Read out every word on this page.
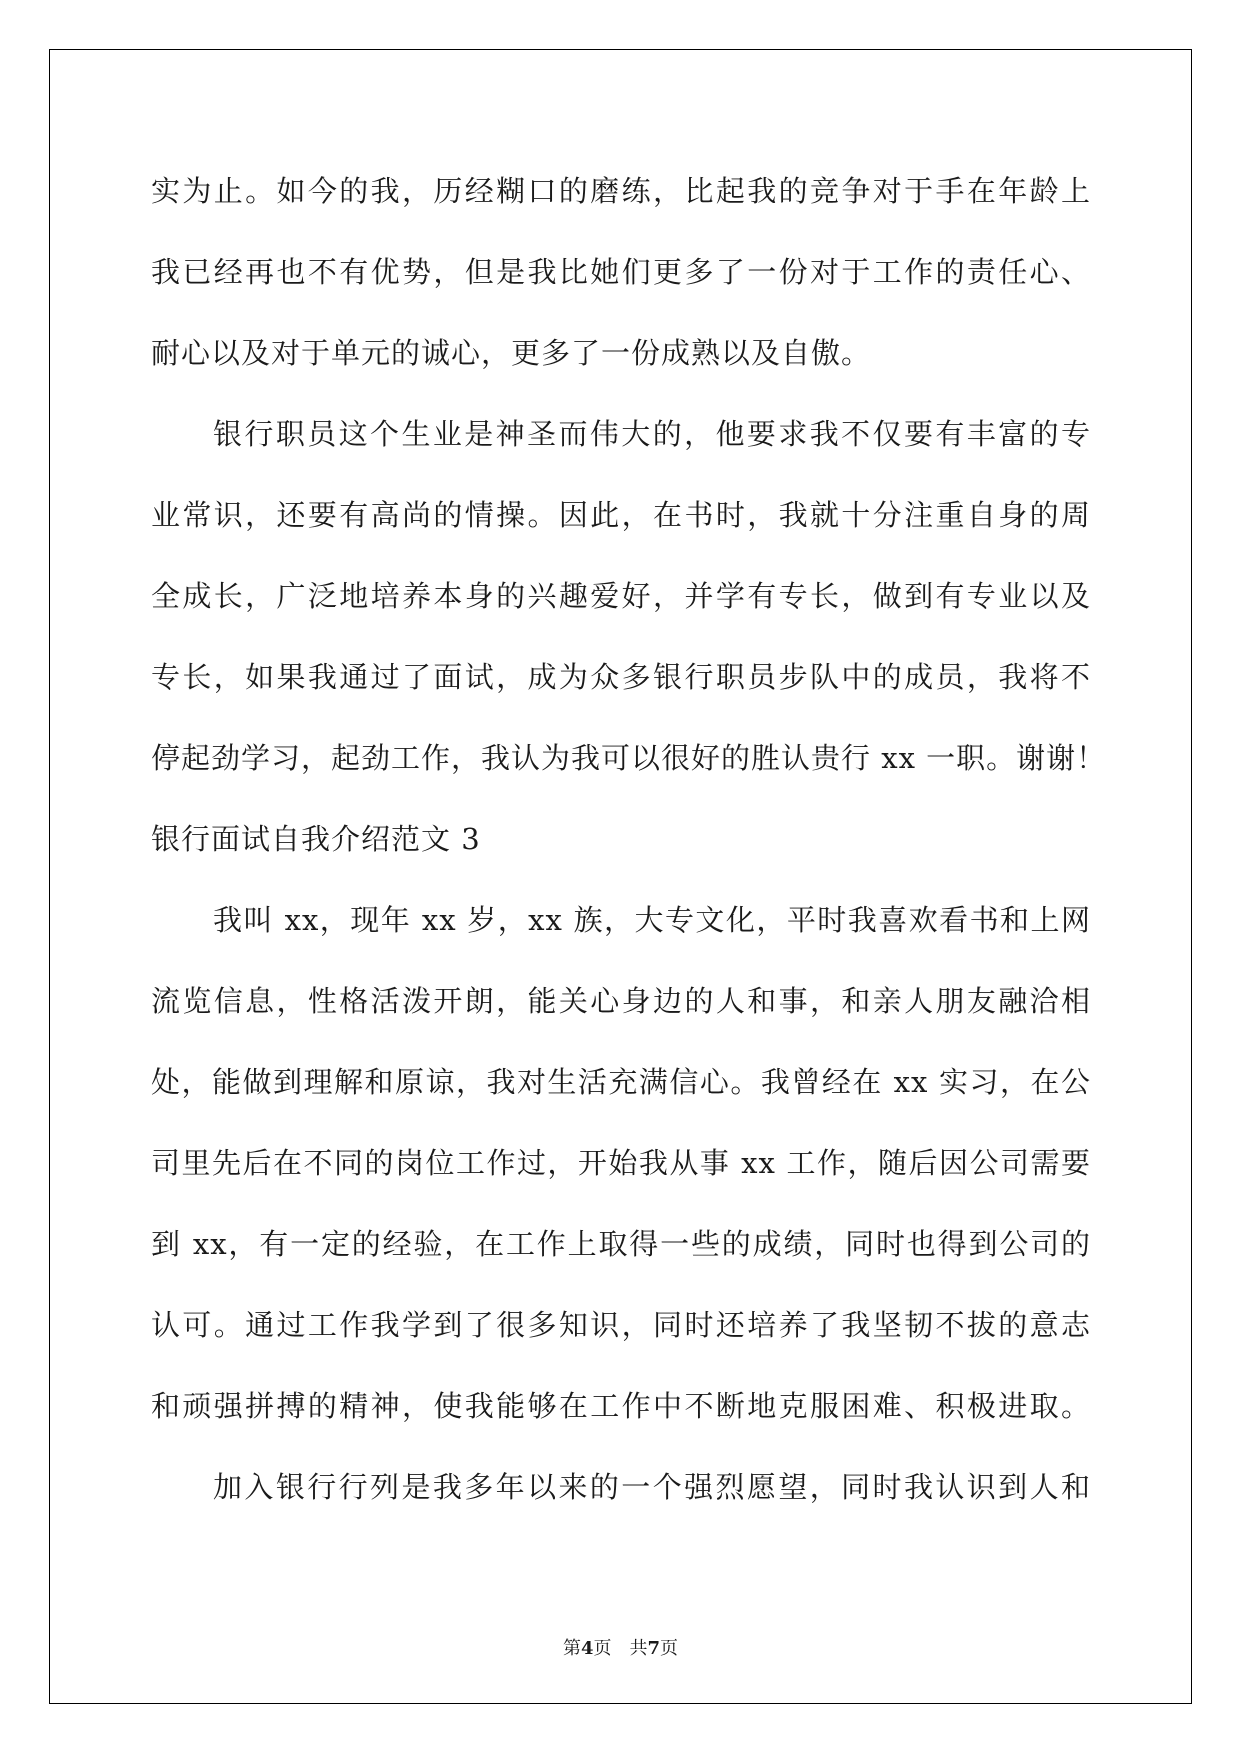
实为止。如今的我，历经糊口的磨练，比起我的竞争对于手在年龄上
我已经再也不有优势，但是我比她们更多了一份对于工作的责任心、
耐心以及对于单元的诚心，更多了一份成熟以及自傲。
银行职员这个生业是神圣而伟大的，他要求我不仅要有丰富的专
业常识，还要有高尚的情操。因此，在书时，我就十分注重自身的周
全成长，广泛地培养本身的兴趣爱好，并学有专长，做到有专业以及
专长，如果我通过了面试，成为众多银行职员步队中的成员，我将不
停起劲学习，起劲工作，我认为我可以很好的胜认贵行 xx 一职。谢谢！
银行面试自我介绍范文 3
我叫 xx，现年 xx 岁，xx 族，大专文化，平时我喜欢看书和上网
流览信息，性格活泼开朗，能关心身边的人和事，和亲人朋友融洽相
处，能做到理解和原谅，我对生活充满信心。我曾经在 xx 实习，在公
司里先后在不同的岗位工作过，开始我从事 xx 工作，随后因公司需要
到 xx，有一定的经验，在工作上取得一些的成绩，同时也得到公司的
认可。通过工作我学到了很多知识，同时还培养了我坚韧不拔的意志
和顽强拼搏的精神，使我能够在工作中不断地克服困难、积极进取。
加入银行行列是我多年以来的一个强烈愿望，同时我认识到人和
第4页 共7页
